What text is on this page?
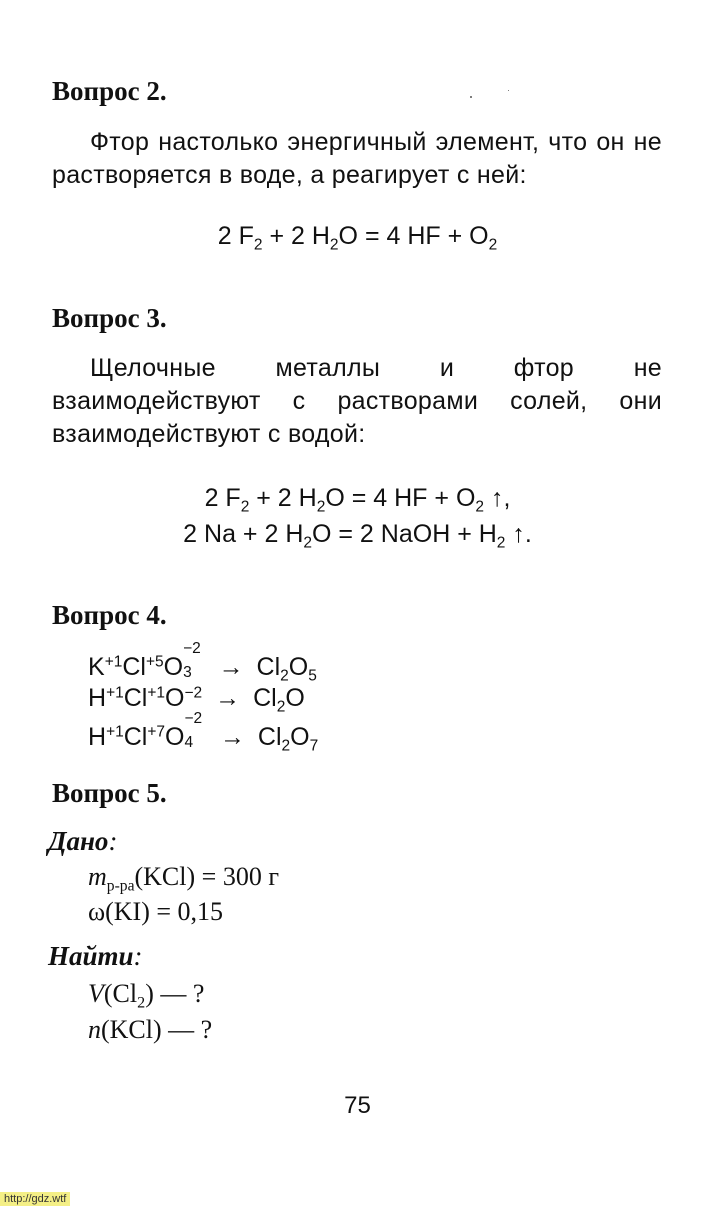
Вопрос 2.
Фтор настолько энергичный элемент, что он не растворяется в воде, а реагирует с ней:
2 $F_2 + 2$ $H_2O = 4$ HF + $O_2$
Вопрос 3.
Щелочные металлы и фтор не взаимодействуют с растворами солей, они взаимодействуют с водой:
2 $F_2 + 2$ $H_2O = 4$ HF + $O_2$ ↑,
2 Na + 2 $H_2O = 2$ NaOH + $H_2$ ↑.
Вопрос 4.
$K^{+1}Cl^{+5}O$
−2
$3 \to Cl_2O_5$
$H^{+1}Cl^{+1}O^{-2} \to Cl_2O$
$H^{+1}Cl^{+7}O$
−2
$4 \to Cl_2O_7$
Вопрос 5.
Дано:
$m_{р-ра}(KCl) = 300$ г
ω(KI) = 0,15
Найти:
$V(Cl_2)$ — ?
n(KCl) — ?
75
http://gdz.wtf
